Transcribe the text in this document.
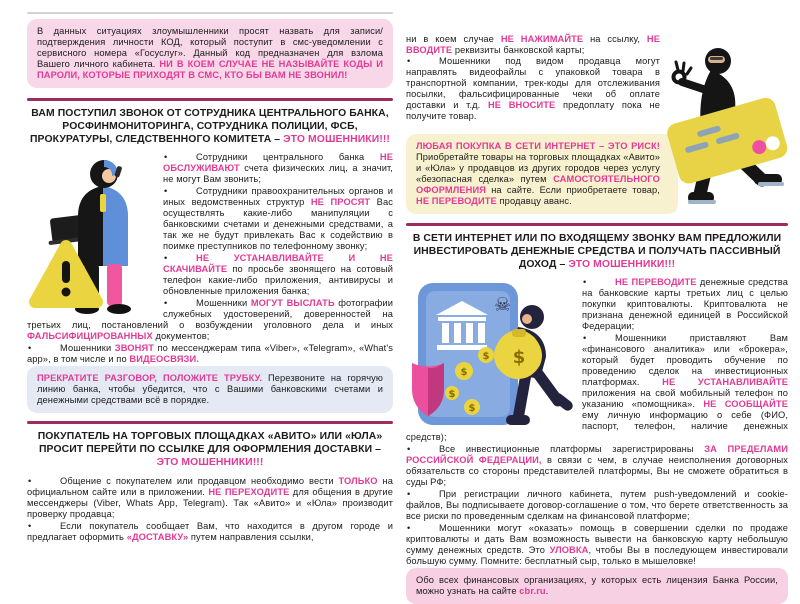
В данных ситуациях злоумышленники просят назвать для записи/подтверждения личности КОД, который поступит в смс-уведомлении с сервисного номера «Госуслуг». Данный код предназначен для взлома Вашего личного кабинета. НИ В КОЕМ СЛУЧАЕ НЕ НАЗЫВАЙТЕ КОДЫ И ПАРОЛИ, КОТОРЫЕ ПРИХОДЯТ В СМС, КТО БЫ ВАМ НЕ ЗВОНИЛ!
ВАМ ПОСТУПИЛ ЗВОНОК ОТ СОТРУДНИКА ЦЕНТРАЛЬНОГО БАНКА, РОСФИНМОНИТОРИНГА, СОТРУДНИКА ПОЛИЦИИ, ФСБ, ПРОКУРАТУРЫ, СЛЕДСТВЕННОГО КОМИТЕТА – ЭТО МОШЕННИКИ!!!
•	Сотрудники центрального банка НЕ ОБСЛУЖИВАЮТ счета физических лиц, а значит, не могут Вам звонить;
•	Сотрудники правоохранительных органов и иных ведомственных структур НЕ ПРОСЯТ Вас осуществлять какие-либо манипуляции с банковскими счетами и денежными средствами, а так же не будут привлекать Вас к содействию в поимке преступников по телефонному звонку;
•	НЕ УСТАНАВЛИВАЙТЕ И НЕ СКАЧИВАЙТЕ по просьбе звонящего на сотовый телефон какие-либо приложения, антивирусы и обновленные приложения банка;
•	Мошенники МОГУТ ВЫСЛАТЬ фотографии служебных удостоверений, доверенностей на третьих лиц, постановлений о возбуждении уголовного дела и иных ФАЛЬСИФИЦИРОВАННЫХ документов;
•	Мошенники ЗВОНЯТ по мессенджерам типа «Viber», «Telegram», «What's app», в том числе и по ВИДЕОСВЯЗИ.
ПРЕКРАТИТЕ РАЗГОВОР, ПОЛОЖИТЕ ТРУБКУ. Перезвоните на горячую линию банка, чтобы убедится, что с Вашими банковскими счетами и денежными средствами всё в порядке.
ПОКУПАТЕЛЬ НА ТОРГОВЫХ ПЛОЩАДКАХ «АВИТО» ИЛИ «ЮЛА» ПРОСИТ ПЕРЕЙТИ ПО ССЫЛКЕ ДЛЯ ОФОРМЛЕНИЯ ДОСТАВКИ – ЭТО МОШЕННИКИ!!!
•	Общение с покупателем или продавцом необходимо вести ТОЛЬКО на официальном сайте или в приложении. НЕ ПЕРЕХОДИТЕ для общения в другие мессенджеры (Viber, Whats App, Telegram). Так «Авито» и «Юла» производит проверку продавца;
•	Если покупатель сообщает Вам, что находится в другом городе и предлагает оформить «ДОСТАВКУ» путем направления ссылки,
ни в коем случае НЕ НАЖИМАЙТЕ на ссылку, НЕ ВВОДИТЕ реквизиты банковской карты;
•	Мошенники под видом продавца могут направлять видеофайлы с упаковкой товара в транспортной компании, трек-коды для отслеживания посылки, фальсифицированные чеки об оплате доставки и т.д. НЕ ВНОСИТЕ предоплату пока не получите товар.
ЛЮБАЯ ПОКУПКА В СЕТИ ИНТЕРНЕТ – ЭТО РИСК! Приобретайте товары на торговых площадках «Авито» и «Юла» у продавцов из других городов через услугу «безопасная сделка» путем САМОСТОЯТЕЛЬНОГО ОФОРМЛЕНИЯ на сайте. Если приобретаете товар, НЕ ПЕРЕВОДИТЕ продавцу аванс.
В СЕТИ ИНТЕРНЕТ ИЛИ ПО ВХОДЯЩЕМУ ЗВОНКУ ВАМ ПРЕДЛОЖИЛИ ИНВЕСТИРОВАТЬ ДЕНЕЖНЫЕ СРЕДСТВА И ПОЛУЧАТЬ ПАССИВНЫЙ ДОХОД – ЭТО МОШЕННИКИ!!!
☠
$
$
$
$
$
•	НЕ ПЕРЕВОДИТЕ денежные средства на банковские карты третьих лиц с целью покупки криптовалюты. Криптовалюта не признана денежной единицей в Российской Федерации;
•	Мошенники приставляют Вам «финансового аналитика» или «брокера», который будет проводить обучение по проведению сделок на инвестиционных платформах. НЕ УСТАНАВЛИВАЙТЕ приложения на свой мобильный телефон по указанию «помощника». НЕ СООБЩАЙТЕ ему личную информацию о себе (ФИО, паспорт, телефон, наличие денежных средств);
•	Все инвестиционные платформы зарегистрированы ЗА ПРЕДЕЛАМИ РОССИЙСКОЙ ФЕДЕРАЦИИ, в связи с чем, в случае неисполнения договорных обязательств со стороны представителей платформы, Вы не сможете обратиться в суды РФ;
•	При регистрации личного кабинета, путем push-уведомлений и cookie-файлов, Вы подписываете договор-соглашение о том, что берете ответственность за все риски по проведенным сделкам на финансовой платформе;
•	Мошенники могут «оказать» помощь в совершении сделки по продаже криптовалюты и дать Вам возможность вывести на банковскую карту небольшую сумму денежных средств. Это УЛОВКА, чтобы Вы в последующем инвестировали большую сумму. Помните: бесплатный сыр, только в мышеловке!
Обо всех финансовых организациях, у которых есть лицензия Банка России, можно узнать на сайте cbr.ru.
